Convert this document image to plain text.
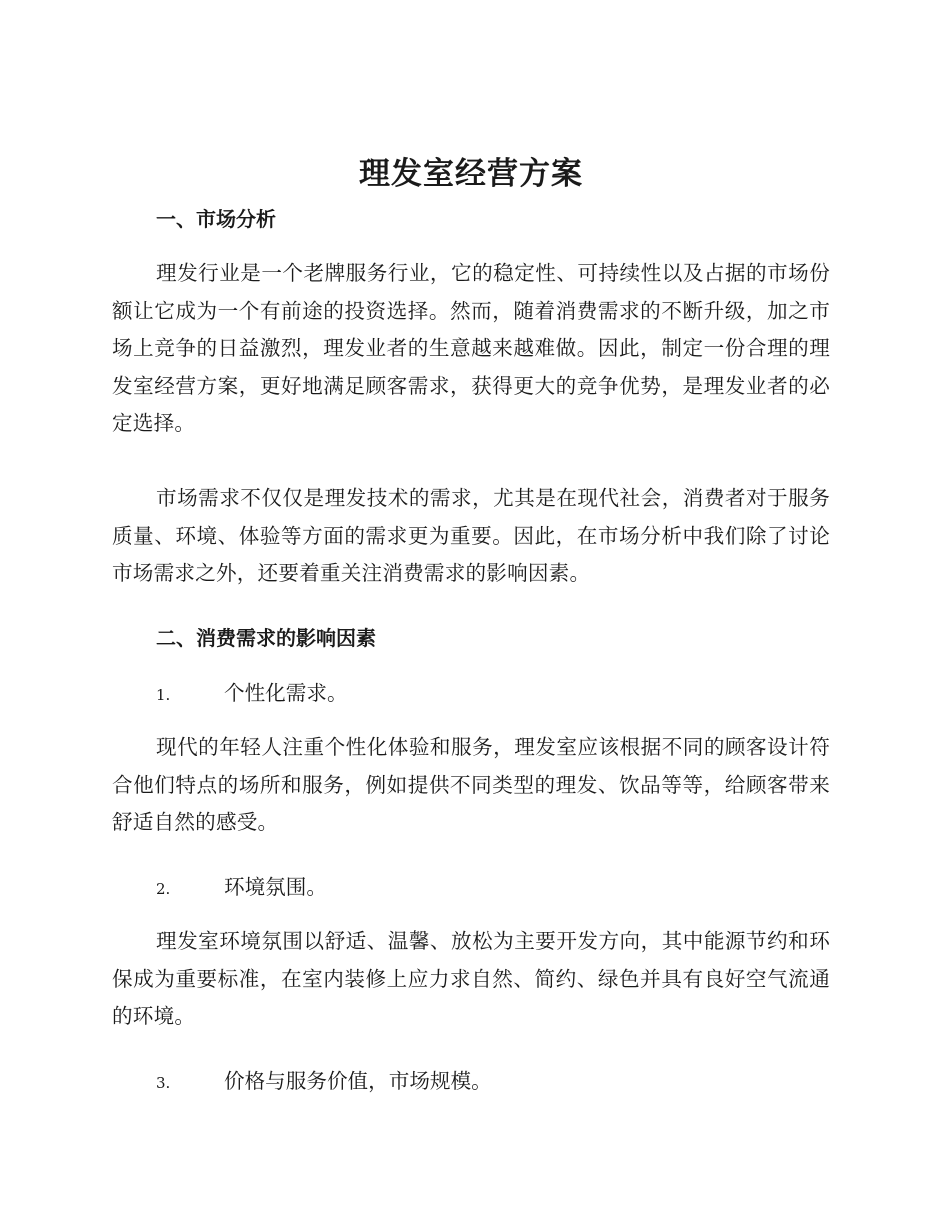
理发室经营方案
一、市场分析
理发行业是一个老牌服务行业，它的稳定性、可持续性以及占据的市场份额让它成为一个有前途的投资选择。然而，随着消费需求的不断升级，加之市场上竞争的日益激烈，理发业者的生意越来越难做。因此，制定一份合理的理发室经营方案，更好地满足顾客需求，获得更大的竞争优势，是理发业者的必定选择。
市场需求不仅仅是理发技术的需求，尤其是在现代社会，消费者对于服务质量、环境、体验等方面的需求更为重要。因此，在市场分析中我们除了讨论市场需求之外，还要着重关注消费需求的影响因素。
二、消费需求的影响因素
1.	个性化需求。
现代的年轻人注重个性化体验和服务，理发室应该根据不同的顾客设计符合他们特点的场所和服务，例如提供不同类型的理发、饮品等等，给顾客带来舒适自然的感受。
2.	环境氛围。
理发室环境氛围以舒适、温馨、放松为主要开发方向，其中能源节约和环保成为重要标准，在室内装修上应力求自然、简约、绿色并具有良好空气流通的环境。
3.	价格与服务价值，市场规模。
